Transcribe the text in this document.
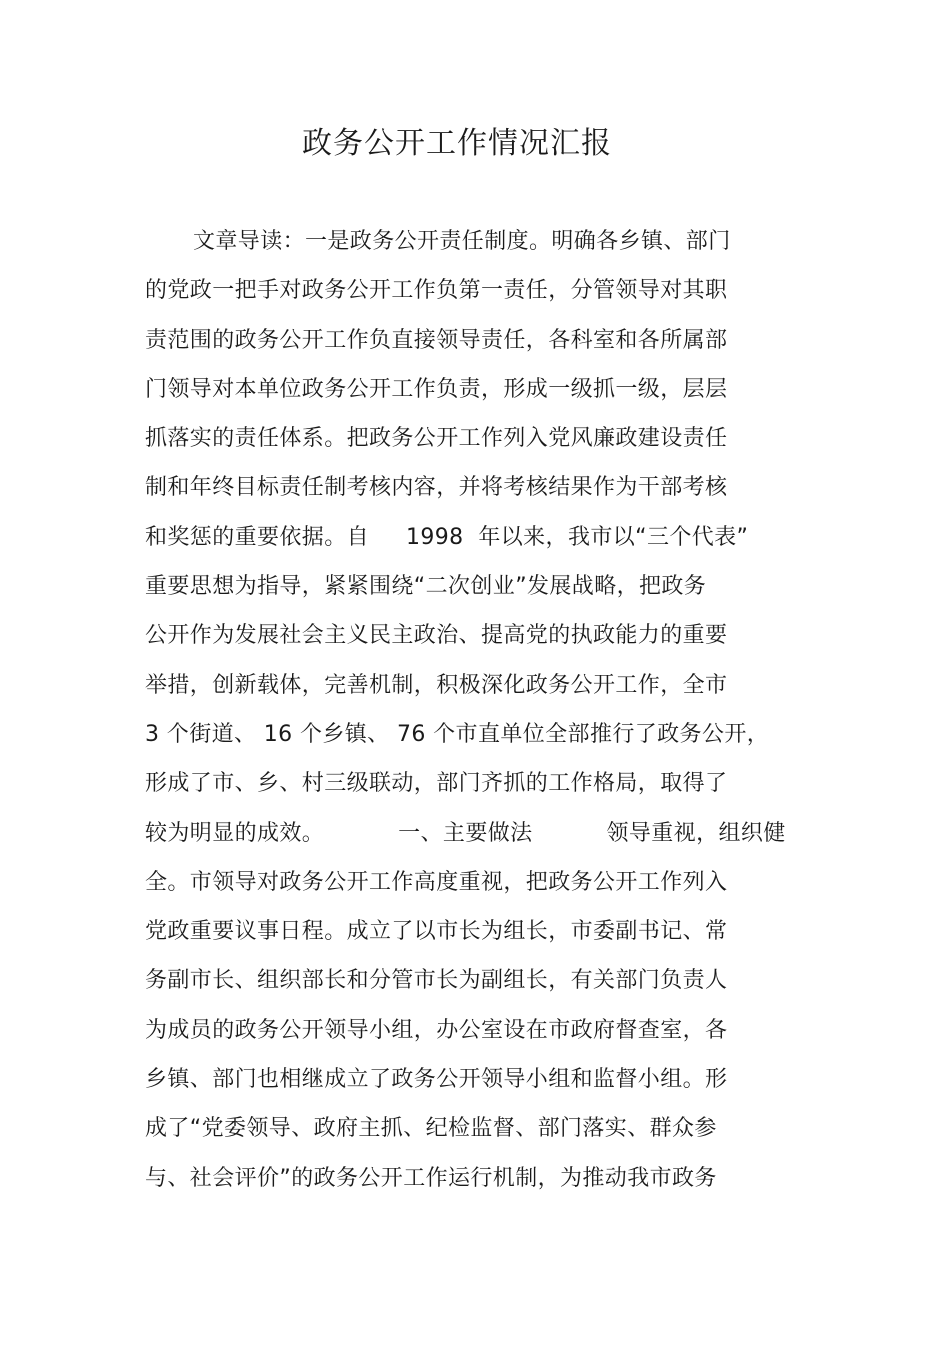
政务公开工作情况汇报
文章导读：一是政务公开责任制度。明确各乡镇、部门
的党政一把手对政务公开工作负第一责任，分管领导对其职
责范围的政务公开工作负直接领导责任，各科室和各所属部
门领导对本单位政务公开工作负责，形成一级抓一级，层层
抓落实的责任体系。把政务公开工作列入党风廉政建设责任
制和年终目标责任制考核内容，并将考核结果作为干部考核
和奖惩的重要依据。自     1998  年以来，我市以“三个代表”
重要思想为指导，紧紧围绕“二次创业”发展战略，把政务
公开作为发展社会主义民主政治、提高党的执政能力的重要
举措，创新载体，完善机制，积极深化政务公开工作，全市
3 个街道、 16 个乡镇、 76 个市直单位全部推行了政务公开，
形成了市、乡、村三级联动，部门齐抓的工作格局，取得了
较为明显的成效。          一、主要做法          领导重视，组织健
全。市领导对政务公开工作高度重视，把政务公开工作列入
党政重要议事日程。成立了以市长为组长，市委副书记、常
务副市长、组织部长和分管市长为副组长，有关部门负责人
为成员的政务公开领导小组，办公室设在市政府督查室，各
乡镇、部门也相继成立了政务公开领导小组和监督小组。形
成了“党委领导、政府主抓、纪检监督、部门落实、群众参
与、社会评价”的政务公开工作运行机制，为推动我市政务
